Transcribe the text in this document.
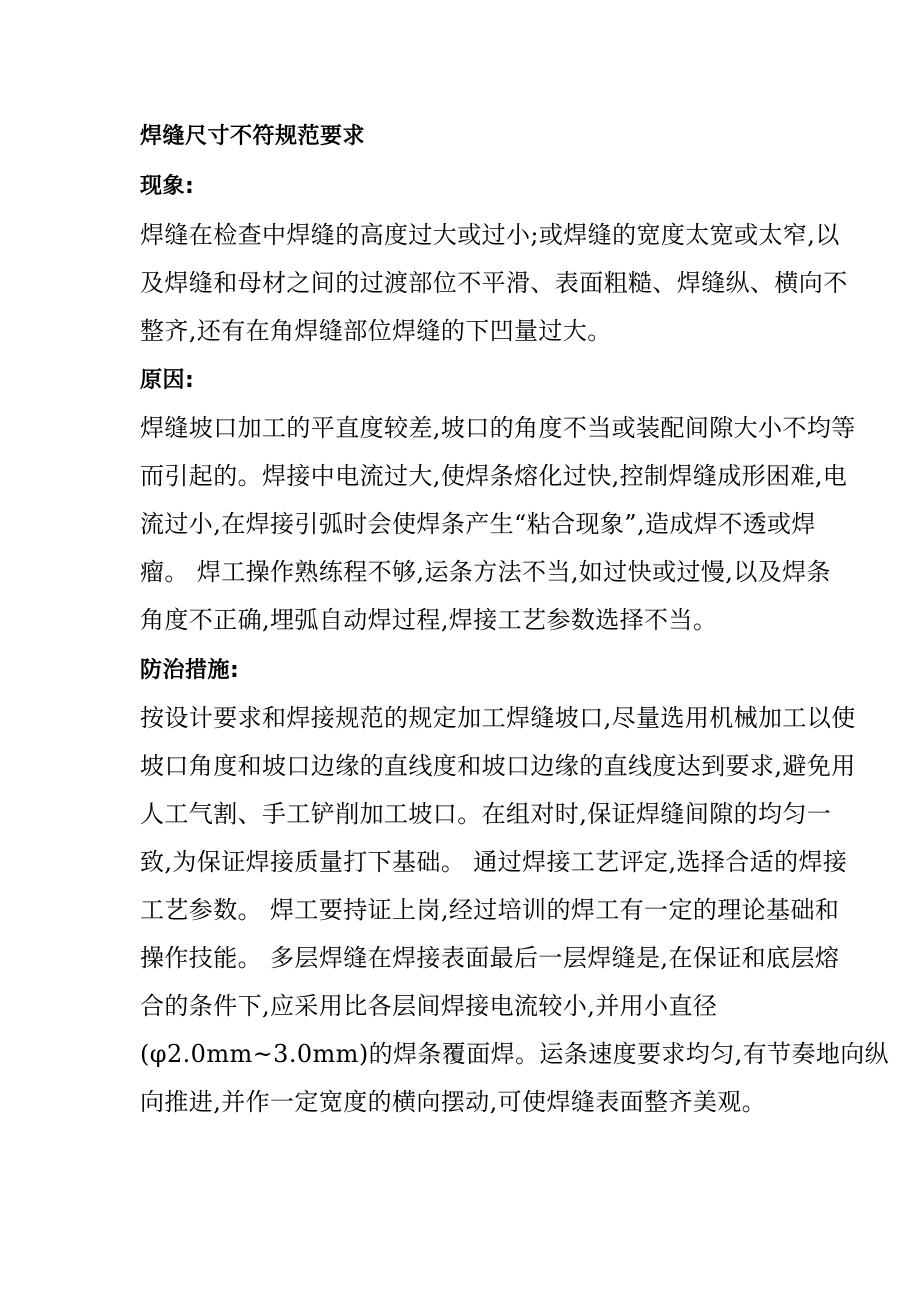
焊缝尺寸不符规范要求
现象:
焊缝在检查中焊缝的高度过大或过小;或焊缝的宽度太宽或太窄,以
及焊缝和母材之间的过渡部位不平滑、表面粗糙、焊缝纵、横向不
整齐,还有在角焊缝部位焊缝的下凹量过大。
原因:
焊缝坡口加工的平直度较差,坡口的角度不当或装配间隙大小不均等
而引起的。焊接中电流过大,使焊条熔化过快,控制焊缝成形困难,电
流过小,在焊接引弧时会使焊条产生“粘合现象”,造成焊不透或焊
瘤。 焊工操作熟练程不够,运条方法不当,如过快或过慢,以及焊条
角度不正确,埋弧自动焊过程,焊接工艺参数选择不当。
防治措施:
按设计要求和焊接规范的规定加工焊缝坡口,尽量选用机械加工以使
坡口角度和坡口边缘的直线度和坡口边缘的直线度达到要求,避免用
人工气割、手工铲削加工坡口。在组对时,保证焊缝间隙的均匀一
致,为保证焊接质量打下基础。 通过焊接工艺评定,选择合适的焊接
工艺参数。 焊工要持证上岗,经过培训的焊工有一定的理论基础和
操作技能。 多层焊缝在焊接表面最后一层焊缝是,在保证和底层熔
合的条件下,应采用比各层间焊接电流较小,并用小直径
(φ2.0mm~3.0mm)的焊条覆面焊。运条速度要求均匀,有节奏地向纵
向推进,并作一定宽度的横向摆动,可使焊缝表面整齐美观。
